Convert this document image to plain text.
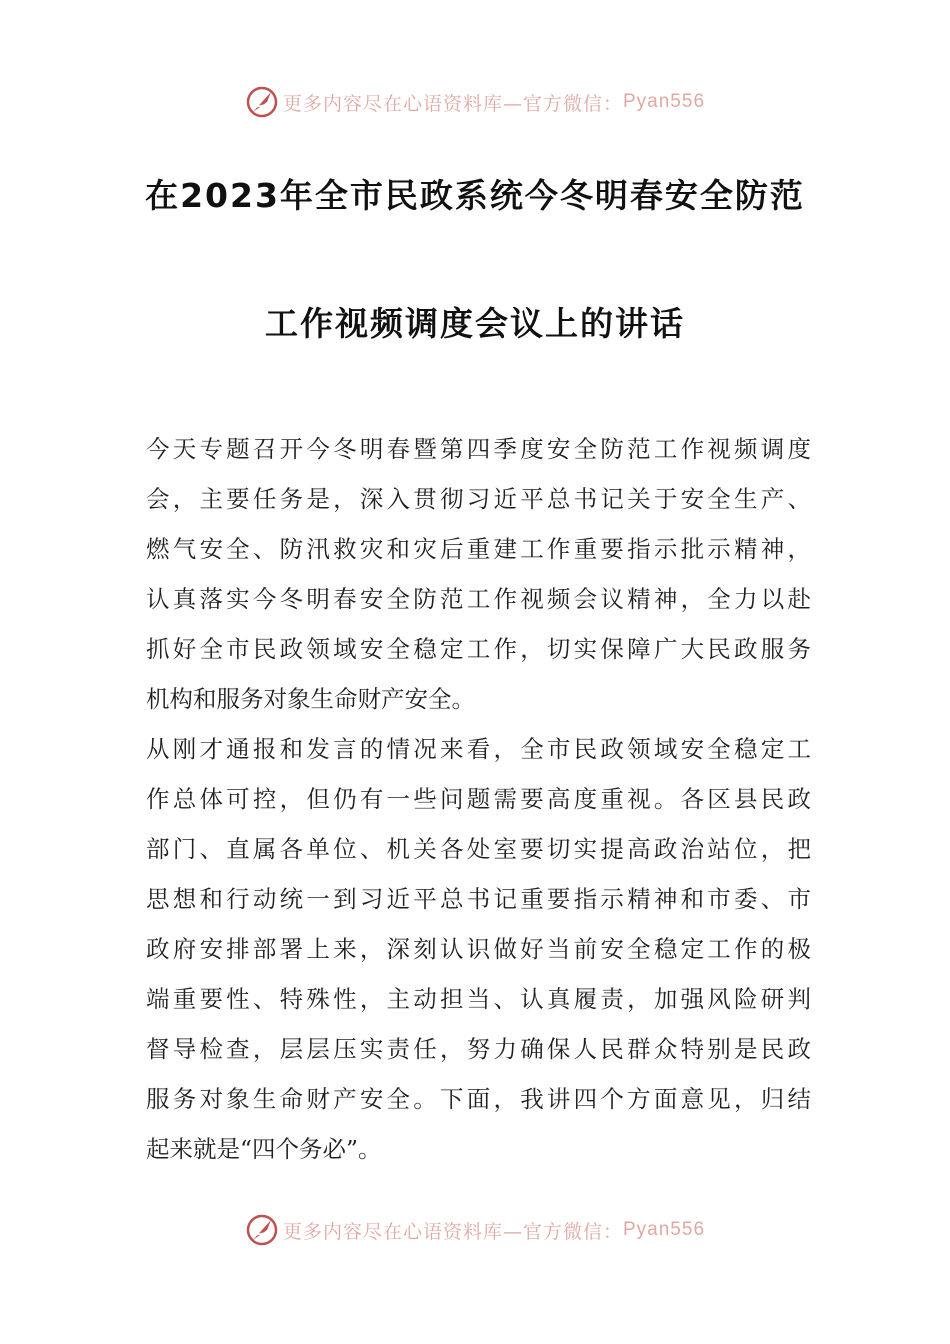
更多内容尽在心语资料库—官方微信： Pyan556
在2023年全市民政系统今冬明春安全防范
工作视频调度会议上的讲话
今天专题召开今冬明春暨第四季度安全防范工作视频调度
会，主要任务是，深入贯彻习近平总书记关于安全生产、
燃气安全、防汛救灾和灾后重建工作重要指示批示精神，
认真落实今冬明春安全防范工作视频会议精神，全力以赴
抓好全市民政领域安全稳定工作，切实保障广大民政服务
机构和服务对象生命财产安全。
从刚才通报和发言的情况来看，全市民政领域安全稳定工
作总体可控，但仍有一些问题需要高度重视。各区县民政
部门、直属各单位、机关各处室要切实提高政治站位，把
思想和行动统一到习近平总书记重要指示精神和市委、市
政府安排部署上来，深刻认识做好当前安全稳定工作的极
端重要性、特殊性，主动担当、认真履责，加强风险研判
督导检查，层层压实责任，努力确保人民群众特别是民政
服务对象生命财产安全。下面，我讲四个方面意见，归结
起来就是“四个务必”。
更多内容尽在心语资料库—官方微信： Pyan556
